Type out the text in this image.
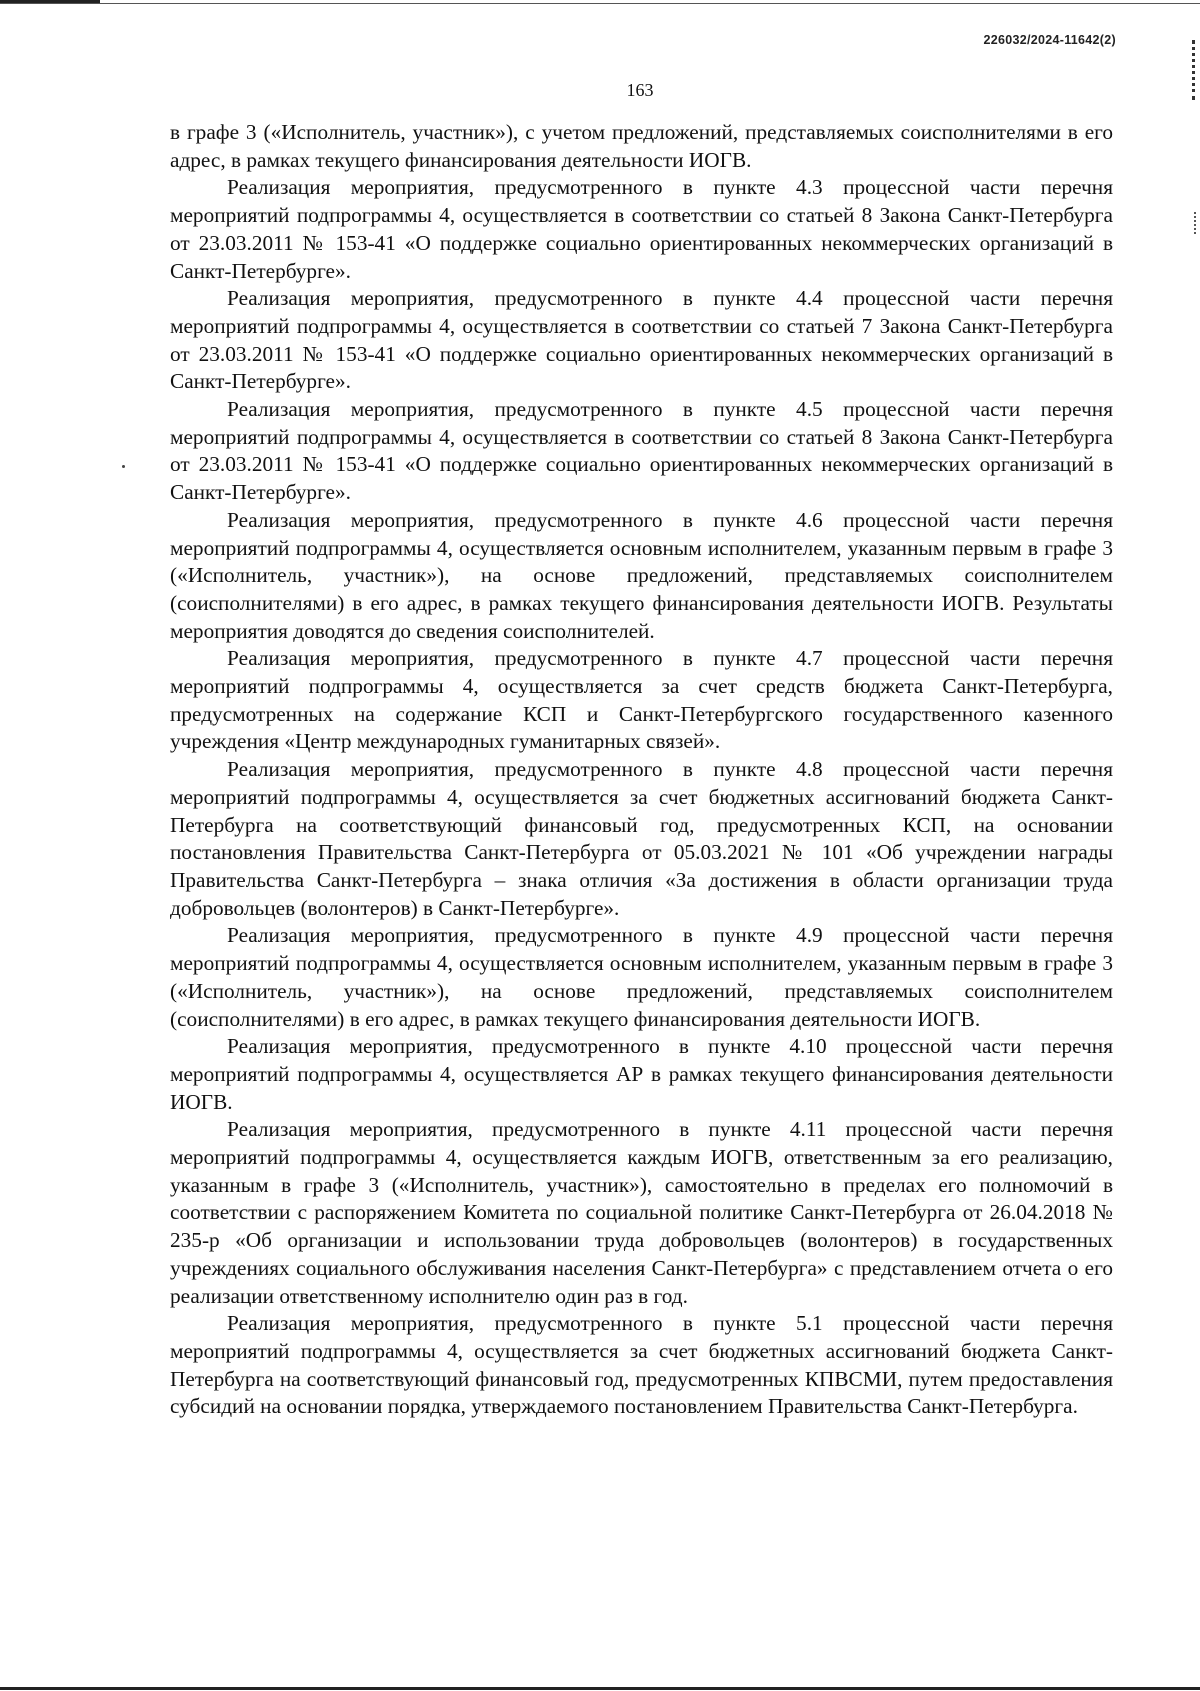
226032/2024-11642(2)
163

в графе 3 («Исполнитель, участник»), с учетом предложений, представляемых соисполнителями в его адрес, в рамках текущего финансирования деятельности ИОГВ.

Реализация мероприятия, предусмотренного в пункте 4.3 процессной части перечня мероприятий подпрограммы 4, осуществляется в соответствии со статьей 8 Закона Санкт-Петербурга от 23.03.2011 № 153-41 «О поддержке социально ориентированных некоммерческих организаций в Санкт-Петербурге».

Реализация мероприятия, предусмотренного в пункте 4.4 процессной части перечня мероприятий подпрограммы 4, осуществляется в соответствии со статьей 7 Закона Санкт-Петербурга от 23.03.2011 № 153-41 «О поддержке социально ориентированных некоммерческих организаций в Санкт-Петербурге».

Реализация мероприятия, предусмотренного в пункте 4.5 процессной части перечня мероприятий подпрограммы 4, осуществляется в соответствии со статьей 8 Закона Санкт-Петербурга от 23.03.2011 № 153-41 «О поддержке социально ориентированных некоммерческих организаций в Санкт-Петербурге».

Реализация мероприятия, предусмотренного в пункте 4.6 процессной части перечня мероприятий подпрограммы 4, осуществляется основным исполнителем, указанным первым в графе 3 («Исполнитель, участник»), на основе предложений, представляемых соисполнителем (соисполнителями) в его адрес, в рамках текущего финансирования деятельности ИОГВ. Результаты мероприятия доводятся до сведения соисполнителей.

Реализация мероприятия, предусмотренного в пункте 4.7 процессной части перечня мероприятий подпрограммы 4, осуществляется за счет средств бюджета Санкт-Петербурга, предусмотренных на содержание КСП и Санкт-Петербургского государственного казенного учреждения «Центр международных гуманитарных связей».

Реализация мероприятия, предусмотренного в пункте 4.8 процессной части перечня мероприятий подпрограммы 4, осуществляется за счет бюджетных ассигнований бюджета Санкт-Петербурга на соответствующий финансовый год, предусмотренных КСП, на основании постановления Правительства Санкт-Петербурга от 05.03.2021 № 101 «Об учреждении награды Правительства Санкт-Петербурга – знака отличия «За достижения в области организации труда добровольцев (волонтеров) в Санкт-Петербурге».

Реализация мероприятия, предусмотренного в пункте 4.9 процессной части перечня мероприятий подпрограммы 4, осуществляется основным исполнителем, указанным первым в графе 3 («Исполнитель, участник»), на основе предложений, представляемых соисполнителем (соисполнителями) в его адрес, в рамках текущего финансирования деятельности ИОГВ.

Реализация мероприятия, предусмотренного в пункте 4.10 процессной части перечня мероприятий подпрограммы 4, осуществляется АР в рамках текущего финансирования деятельности ИОГВ.

Реализация мероприятия, предусмотренного в пункте 4.11 процессной части перечня мероприятий подпрограммы 4, осуществляется каждым ИОГВ, ответственным за его реализацию, указанным в графе 3 («Исполнитель, участник»), самостоятельно в пределах его полномочий в соответствии с распоряжением Комитета по социальной политике Санкт-Петербурга от 26.04.2018 № 235-р «Об организации и использовании труда добровольцев (волонтеров) в государственных учреждениях социального обслуживания населения Санкт-Петербурга» с представлением отчета о его реализации ответственному исполнителю один раз в год.

Реализация мероприятия, предусмотренного в пункте 5.1 процессной части перечня мероприятий подпрограммы 4, осуществляется за счет бюджетных ассигнований бюджета Санкт-Петербурга на соответствующий финансовый год, предусмотренных КПВСМИ, путем предоставления субсидий на основании порядка, утверждаемого постановлением Правительства Санкт-Петербурга.
